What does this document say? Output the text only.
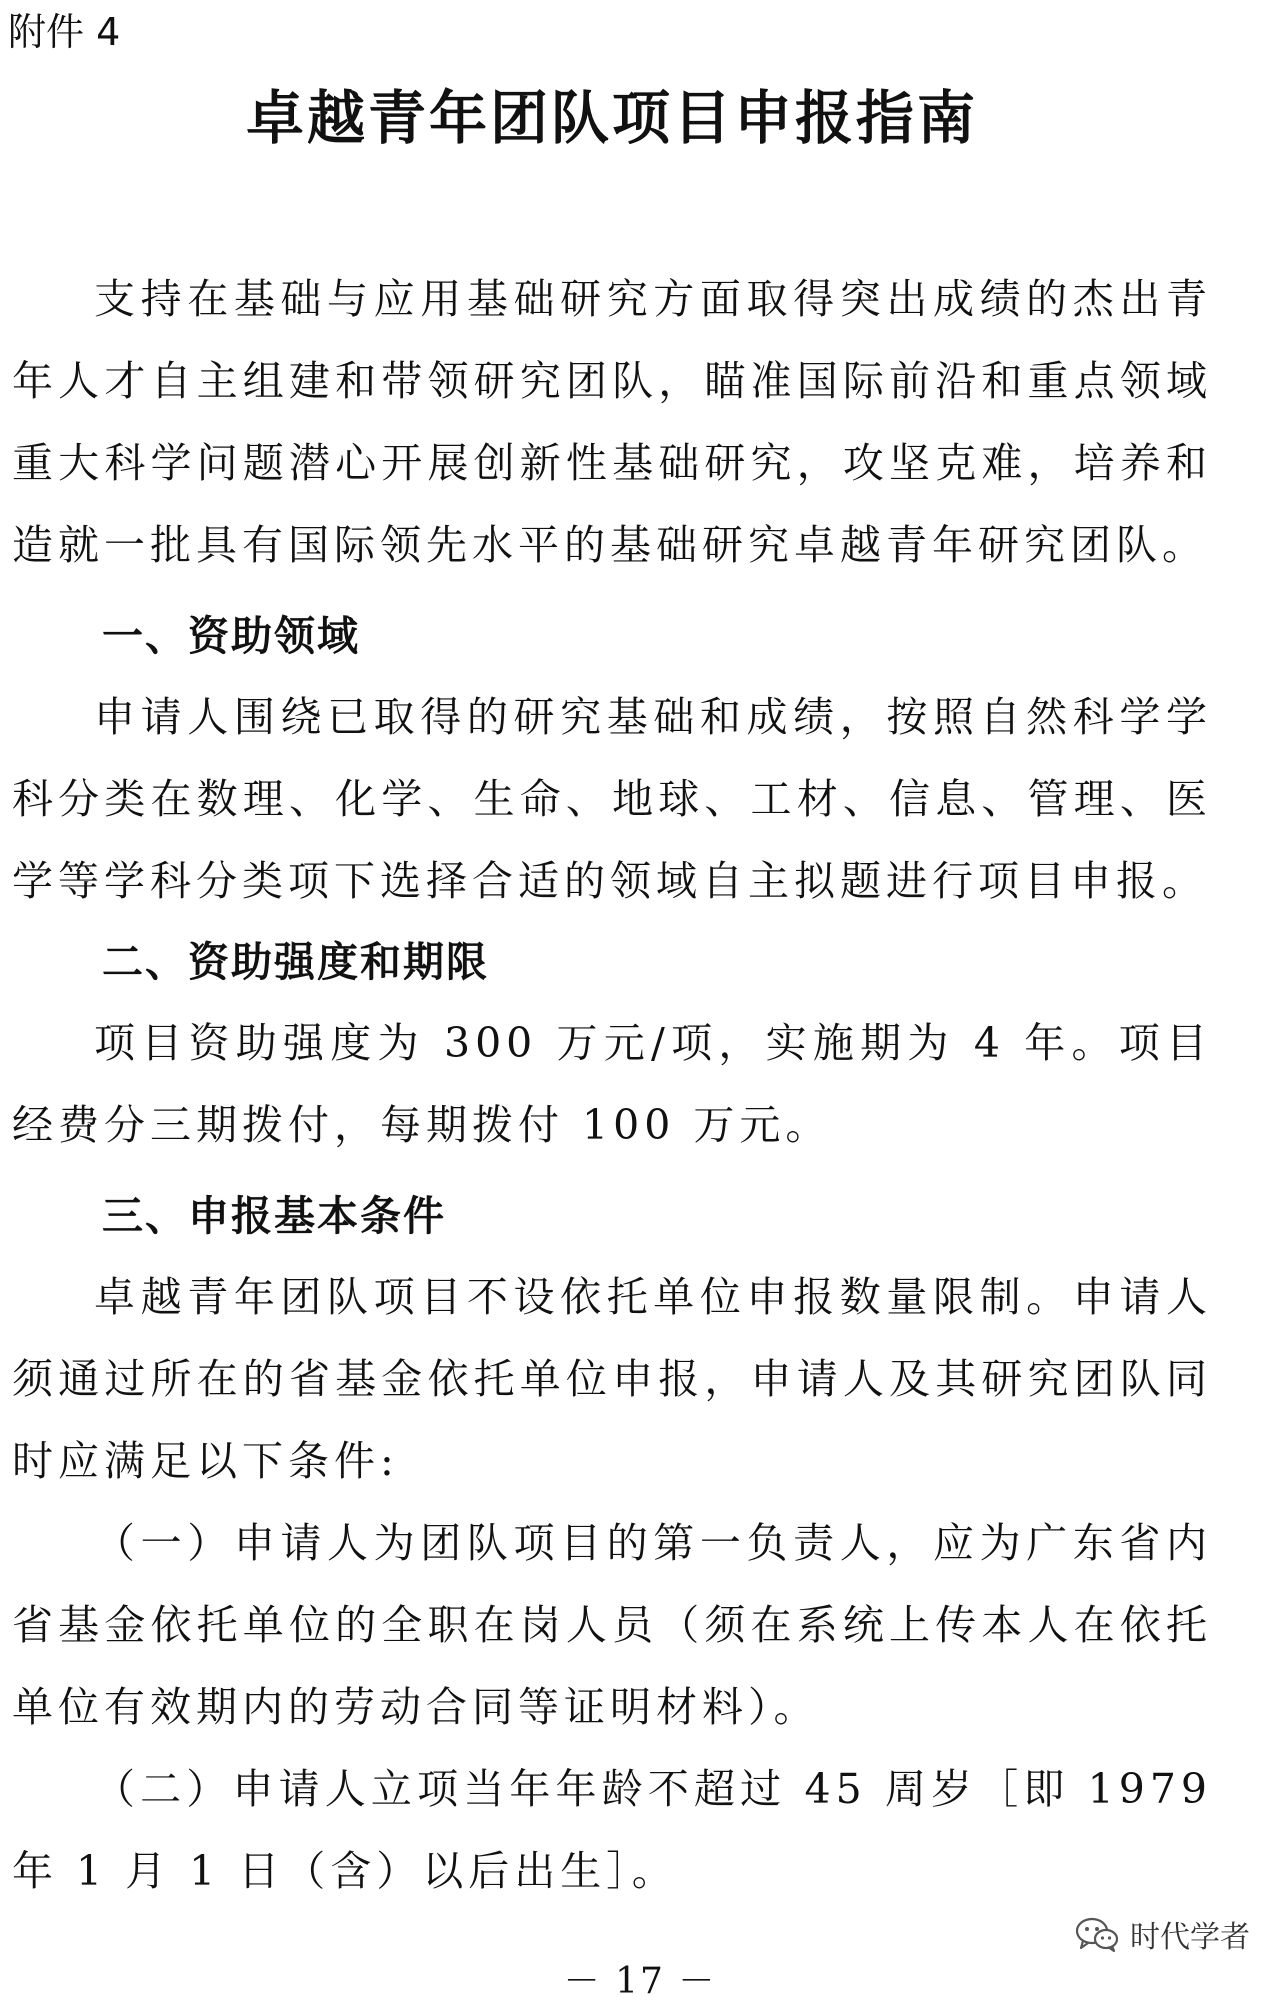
附件 4
卓越青年团队项目申报指南

支持在基础与应用基础研究方面取得突出成绩的杰出青年人才自主组建和带领研究团队，瞄准国际前沿和重点领域重大科学问题潜心开展创新性基础研究，攻坚克难，培养和造就一批具有国际领先水平的基础研究卓越青年研究团队。

一、资助领域

申请人围绕已取得的研究基础和成绩，按照自然科学学科分类在数理、化学、生命、地球、工材、信息、管理、医学等学科分类项下选择合适的领域自主拟题进行项目申报。

二、资助强度和期限

项目资助强度为 300 万元/项，实施期为 4 年。项目经费分三期拨付，每期拨付 100 万元。

三、申报基本条件

卓越青年团队项目不设依托单位申报数量限制。申请人须通过所在的省基金依托单位申报，申请人及其研究团队同时应满足以下条件:

（一）申请人为团队项目的第一负责人，应为广东省内省基金依托单位的全职在岗人员（须在系统上传本人在依托单位有效期内的劳动合同等证明材料）。

（二）申请人立项当年年龄不超过 45 周岁［即 1979 年 1 月 1 日（含）以后出生］。

时代学者
－ 17 －
